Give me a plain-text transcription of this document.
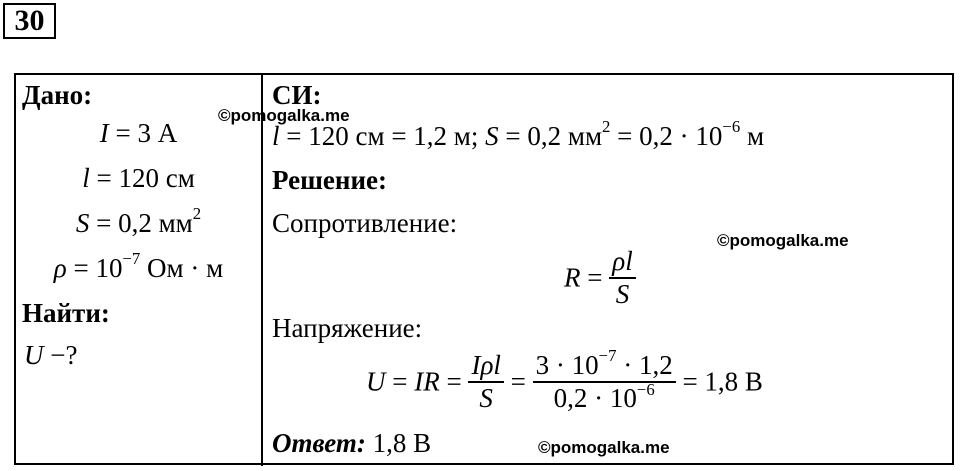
30
Дано:
I = 3 А
l = 120 см
S = 0,2 $мм^2$
$\rho = 10^{-7}$ Ом · м
Найти:
U −?
СИ:
l = 120 см = 1,2 м; S = 0,2 $мм^2 = 0,2 \cdot 10^{-6}$ м
Решение:
Сопротивление:
$R = \frac{\rho l}{S}$
Напряжение:
U = IR = $\frac{\text{Iρl}}{S} = \frac{3 \cdot 10^{-7} \cdot 1,2}{0,2 \cdot 10^{-6}} = 1,8$ В
Ответ: 1,8 В
©pomogalka.me
©pomogalka.me
©pomogalka.me
